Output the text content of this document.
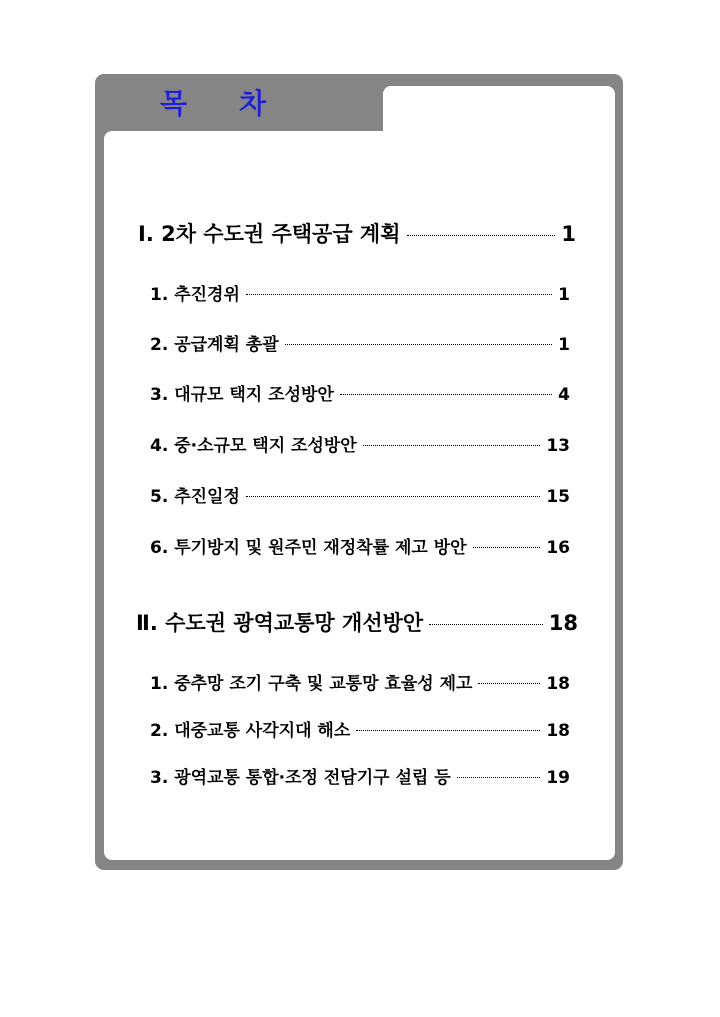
목 차
Ⅰ. 2차 수도권 주택공급 계획	1
1. 추진경위	1
2. 공급계획 총괄	1
3. 대규모 택지 조성방안	4
4. 중·소규모 택지 조성방안	13
5. 추진일정	15
6. 투기방지 및 원주민 재정착률 제고 방안	16
Ⅱ. 수도권 광역교통망 개선방안	18
1. 중추망 조기 구축 및 교통망 효율성 제고	18
2. 대중교통 사각지대 해소	18
3. 광역교통 통합·조정 전담기구 설립 등	19
